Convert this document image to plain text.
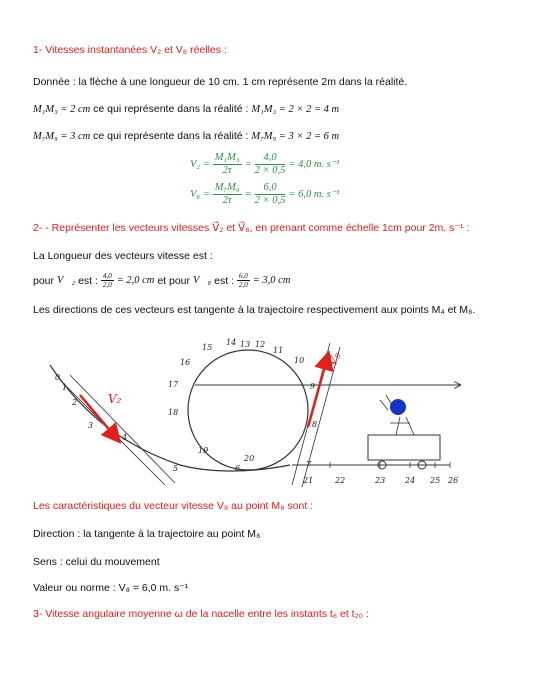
1- Vitesses instantanées V₂ et V₈ réelles :
Donnée : la flèche à une longueur de 10 cm. 1 cm représente 2m dans la réalité.
M₁M₃ = 2 cm ce qui représente dans la réalité : M₁M₃ = 2 × 2 = 4 m
M₇M₉ = 3 cm ce qui représente dans la réalité : M₇M₉ = 3 × 2 = 6 m
$V_2 = \frac{\text{M₁M₃}}{2\tau} = \frac{4,0}{2 \times 0,5} = 4,0$ m. s⁻¹
$V_8 = \frac{\text{M₇M₉}}{2\tau} = \frac{6,0}{2 \times 0,5} = 6,0$ m. s⁻¹
2- - Représenter les vecteurs vitesses V⃗₂ et V⃗₈, en prenant comme échelle 1cm pour 2m. s⁻¹ :
La Longueur des vecteurs vitesse est :
pour
V⃗₂
est : $\frac{4,0}{2,0} = 2,0$ cm
et pour
V⃗₈
est : $\frac{6,0}{2,0} = 3,0$ cm
Les directions de ces vecteurs est tangente à la trajectoire respectivement aux points M₄ et M₈.
V₂
V₈
0
1
2
3
4
5	6	7
8
9
10
11
12
13
14
15
16
17
18
19
20
21	22	23 24 25 26
Les caractéristiques du vecteur vitesse V₈ au point M₈ sont :
Direction : la tangente à la trajectoire au point M₈
Sens : celui du mouvement
Valeur ou norme : V₈ = 6,0 m. s⁻¹
3- Vitesse angulaire moyenne ω de la nacelle entre les instants t₆ et t₂₀ :
